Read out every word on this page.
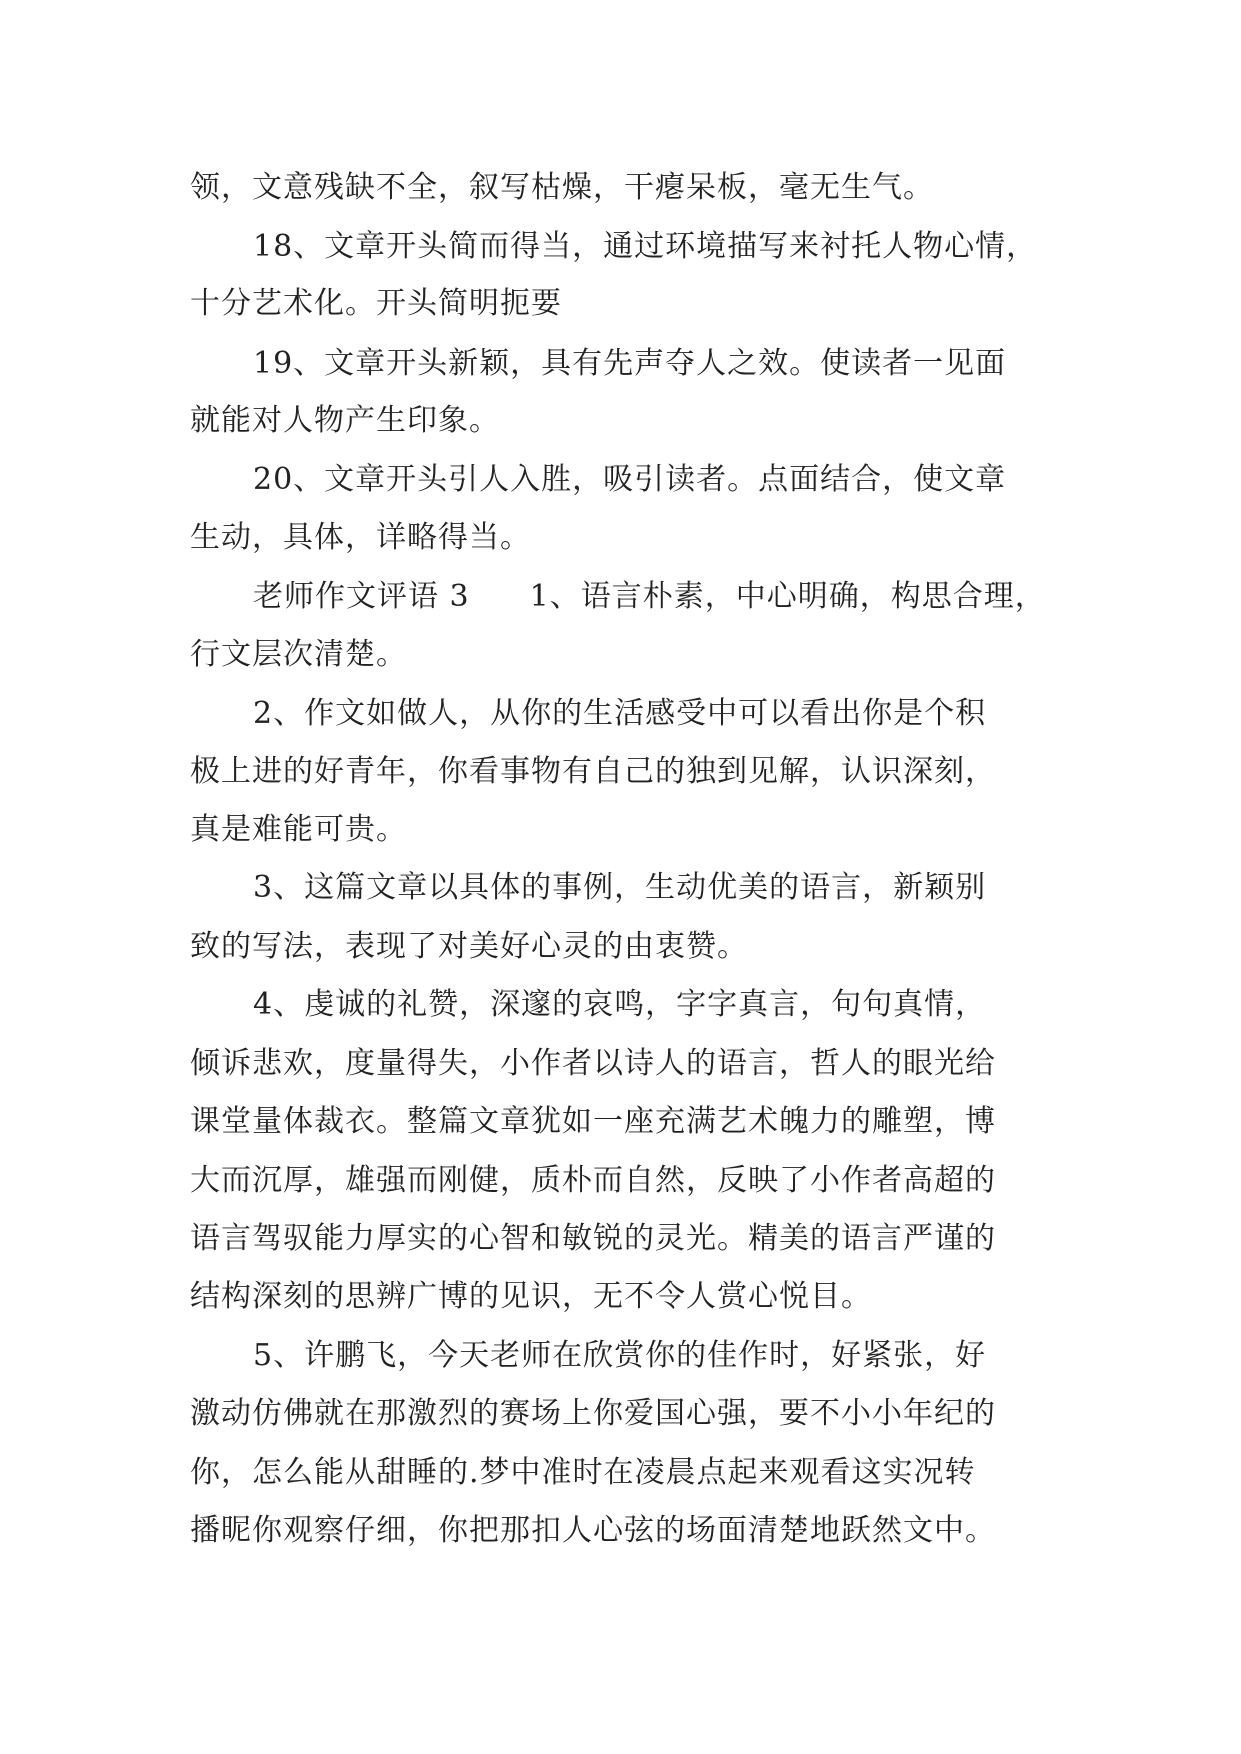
领，文意残缺不全，叙写枯燥，干瘪呆板，毫无生气。
18、文章开头简而得当，通过环境描写来衬托人物心情，
十分艺术化。开头简明扼要
19、文章开头新颖，具有先声夺人之效。使读者一见面
就能对人物产生印象。
20、文章开头引人入胜，吸引读者。点面结合，使文章
生动，具体，详略得当。
老师作文评语 3 1、语言朴素，中心明确，构思合理，
行文层次清楚。
2、作文如做人，从你的生活感受中可以看出你是个积
极上进的好青年，你看事物有自己的独到见解，认识深刻，
真是难能可贵。
3、这篇文章以具体的事例，生动优美的语言，新颖别
致的写法，表现了对美好心灵的由衷赞。
4、虔诚的礼赞，深邃的哀鸣，字字真言，句句真情，
倾诉悲欢，度量得失，小作者以诗人的语言，哲人的眼光给
课堂量体裁衣。整篇文章犹如一座充满艺术魄力的雕塑，博
大而沉厚，雄强而刚健，质朴而自然，反映了小作者高超的
语言驾驭能力厚实的心智和敏锐的灵光。精美的语言严谨的
结构深刻的思辨广博的见识，无不令人赏心悦目。
5、许鹏飞，今天老师在欣赏你的佳作时，好紧张，好
激动仿佛就在那激烈的赛场上你爱国心强，要不小小年纪的
你，怎么能从甜睡的.梦中准时在凌晨点起来观看这实况转
播昵你观察仔细，你把那扣人心弦的场面清楚地跃然文中。
